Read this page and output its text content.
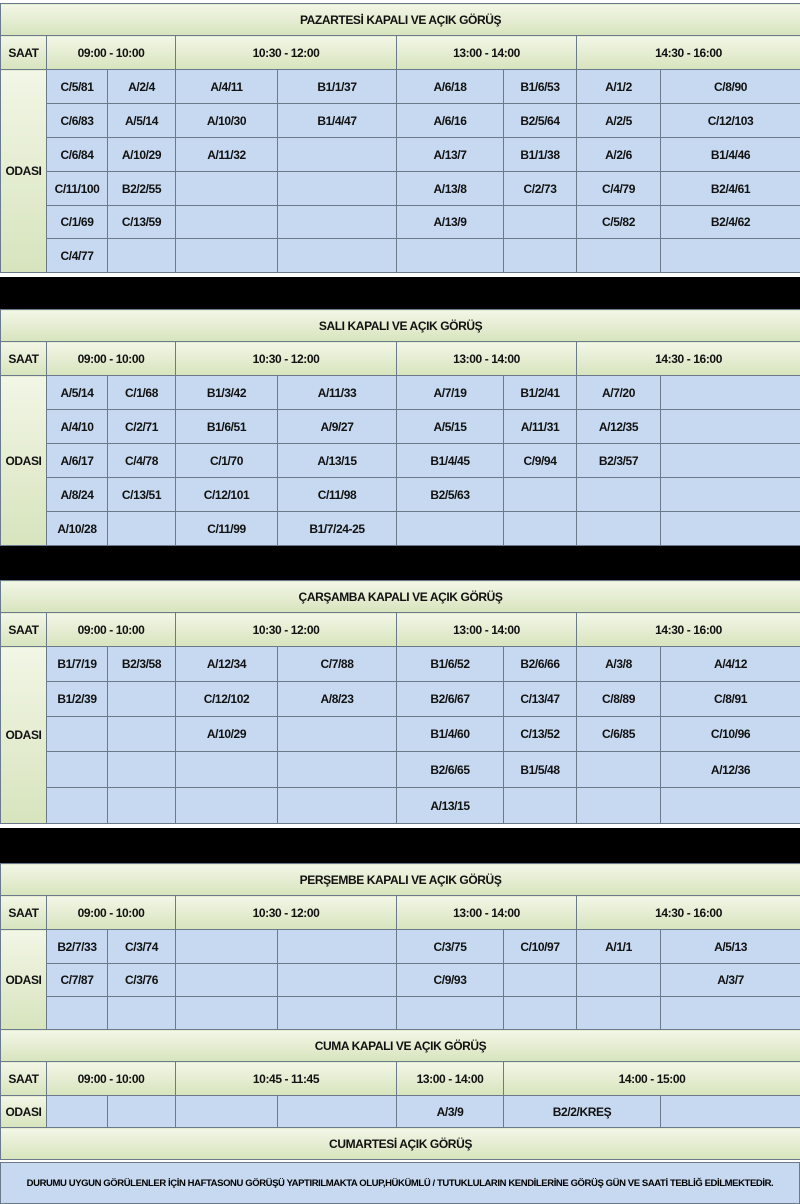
PAZARTESİ KAPALI VE AÇIK GÖRÜŞ								
SAAT	09:00 - 10:00		10:30 - 12:00		13:00 - 14:00		14:30 - 16:00	
ODASI	C/5/81	A/2/4	A/4/11	B1/1/37	A/6/18	B1/6/53	A/1/2	C/8/90
	C/6/83	A/5/14	A/10/30	B1/4/47	A/6/16	B2/5/64	A/2/5	C/12/103
	C/6/84	A/10/29	A/11/32		A/13/7	B1/1/38	A/2/6	B1/4/46
	C/11/100	B2/2/55			A/13/8	C/2/73	C/4/79	B2/4/61
	C/1/69	C/13/59			A/13/9		C/5/82	B2/4/62
	C/4/77							
SALI KAPALI VE AÇIK GÖRÜŞ								
SAAT	09:00 - 10:00		10:30 - 12:00		13:00 - 14:00		14:30 - 16:00	
ODASI	A/5/14	C/1/68	B1/3/42	A/11/33	A/7/19	B1/2/41	A/7/20	
	A/4/10	C/2/71	B1/6/51	A/9/27	A/5/15	A/11/31	A/12/35	
	A/6/17	C/4/78	C/1/70	A/13/15	B1/4/45	C/9/94	B2/3/57	
	A/8/24	C/13/51	C/12/101	C/11/98	B2/5/63			
	A/10/28		C/11/99	B1/7/24-25				
ÇARŞAMBA KAPALI VE AÇIK GÖRÜŞ								
SAAT	09:00 - 10:00		10:30 - 12:00		13:00 - 14:00		14:30 - 16:00	
ODASI	B1/7/19	B2/3/58	A/12/34	C/7/88	B1/6/52	B2/6/66	A/3/8	A/4/12
	B1/2/39		C/12/102	A/8/23	B2/6/67	C/13/47	C/8/89	C/8/91
			A/10/29		B1/4/60	C/13/52	C/6/85	C/10/96
					B2/6/65	B1/5/48		A/12/36
					A/13/15			
PERŞEMBE KAPALI VE AÇIK GÖRÜŞ								
SAAT	09:00 - 10:00		10:30 - 12:00		13:00 - 14:00		14:30 - 16:00	
ODASI	B2/7/33	C/3/74			C/3/75	C/10/97	A/1/1	A/5/13
	C/7/87	C/3/76			C/9/93			A/3/7

CUMA KAPALI VE AÇIK GÖRÜŞ							
SAAT	09:00 - 10:00		10:45 - 11:45		13:00 - 14:00	14:00 - 15:00	
ODASI					A/3/9	B2/2/KREŞ	
CUMARTESİ AÇIK GÖRÜŞ							
DURUMU UYGUN GÖRÜLENLER İÇİN HAFTASONU GÖRÜŞÜ YAPTIRILMAKTA OLUP,HÜKÜMLÜ / TUTUKLULARIN KENDİLERİNE GÖRÜŞ GÜN VE SAATİ TEBLİĞ EDİLMEKTEDİR.
